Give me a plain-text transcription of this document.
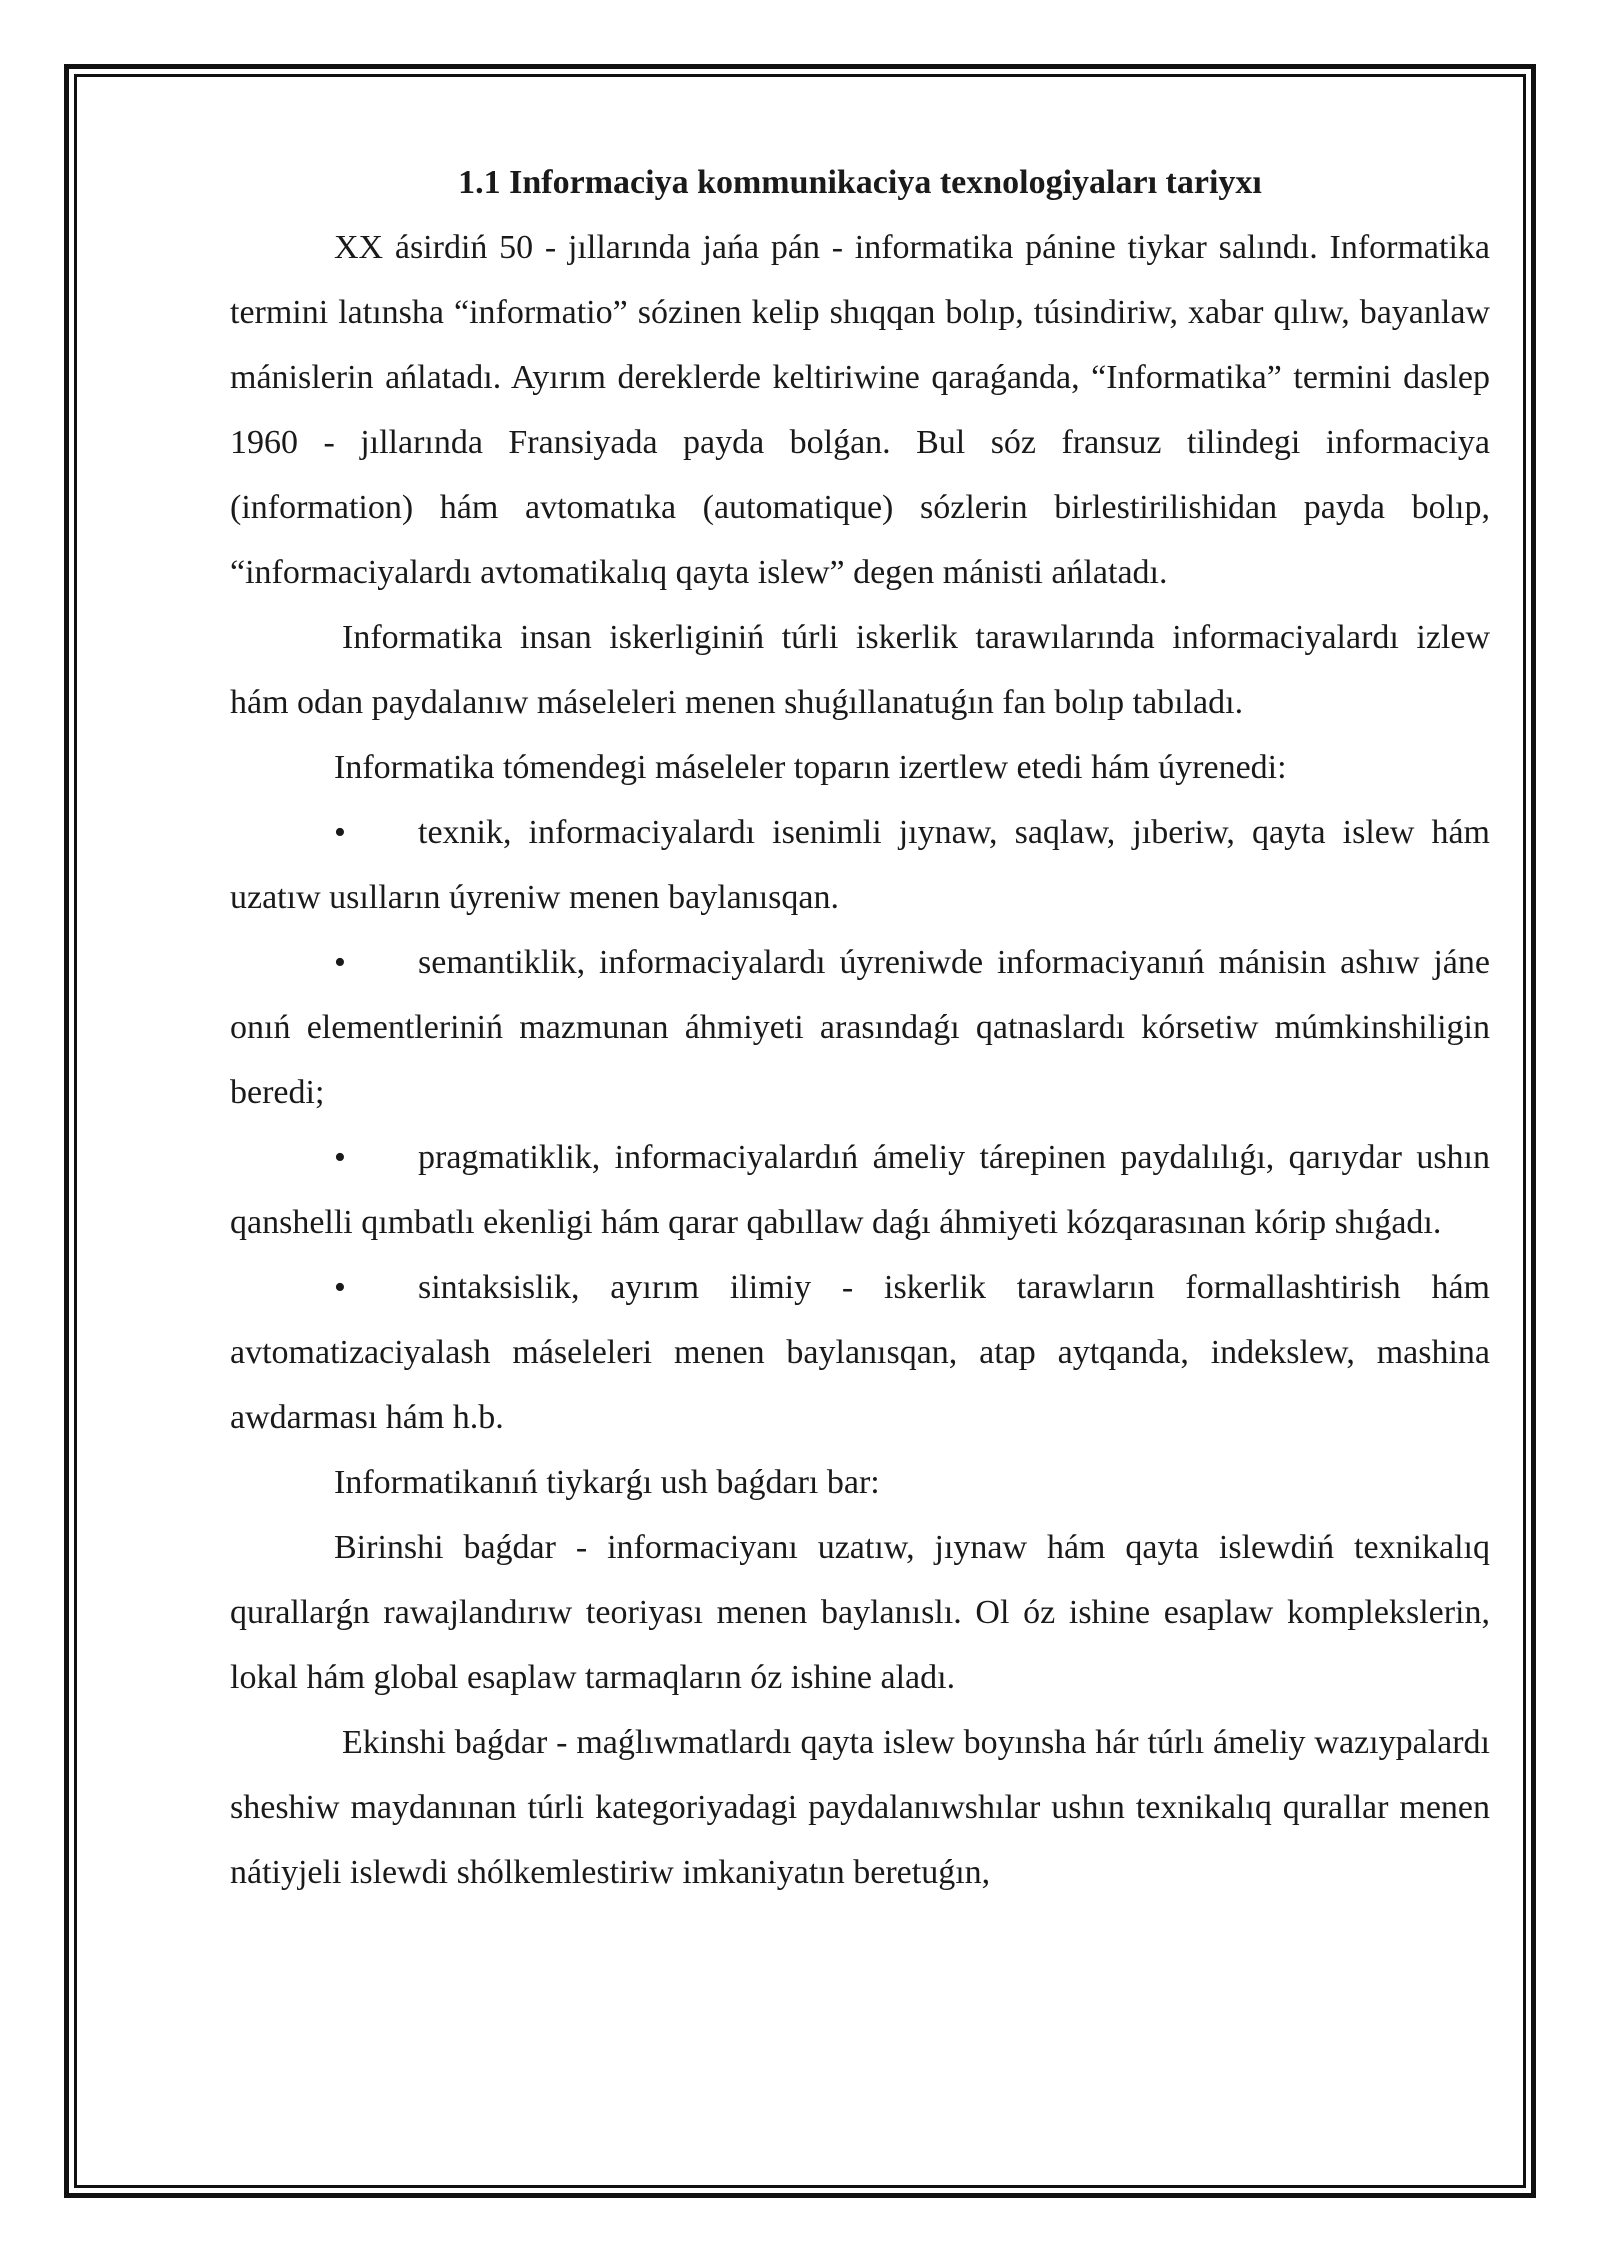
1.1 Informaciya kommunikaciya texnologiyaları tariyxı

XX ásirdiń 50 - jıllarında jańa pán - informatika pánine tiykar salındı. Informatika termini latınsha “informatio” sózinen kelip shıqqan bolıp, túsindiriw, xabar qılıw, bayanlaw mánislerin ańlatadı. Ayırım dereklerde keltiriwine qaraǵanda, “Informatika” termini daslep 1960 - jıllarında Fransiyada payda bolǵan. Bul sóz fransuz tilindegi informaciya (information) hám avtomatıka (automatique) sózlerin birlestirilishidan payda bolıp, “informaciyalardı avtomatikalıq qayta islew” degen mánisti ańlatadı.

Informatika insan iskerliginiń túrli iskerlik tarawılarında informaciyalardı izlew hám odan paydalanıw máseleleri menen shuǵıllanatuǵın fan bolıp tabıladı.

Informatika tómendegi máseleler toparın izertlew etedi hám úyrenedi:

• texnik, informaciyalardı isenimli jıynaw, saqlaw, jıberiw, qayta islew hám uzatıw usılların úyreniw menen baylanısqan.

• semantiklik, informaciyalardı úyreniwde informaciyanıń mánisin ashıw jáne onıń elementleriniń mazmunan áhmiyeti arasındaǵı qatnaslardı kórsetiw múmkinshiligin beredi;

• pragmatiklik, informaciyalardıń ámeliy tárepinen paydalılıǵı, qarıydar ushın qanshelli qımbatlı ekenligi hám qarar qabıllaw daǵı áhmiyeti kózqarasınan kórip shıǵadı.

• sintaksislik, ayırım ilimiy - iskerlik tarawların formallashtirish hám avtomatizaciyalash máseleleri menen baylanısqan, atap aytqanda, indekslew, mashina awdarması hám h.b.

Informatikanıń tiykarǵı ush baǵdarı bar:

Birinshi baǵdar - informaciyanı uzatıw, jıynaw hám qayta islewdiń texnikalıq qurallarǵn rawajlandırıw teoriyası menen baylanıslı. Ol óz ishine esaplaw komplekslerin, lokal hám global esaplaw tarmaqların óz ishine aladı.

Ekinshi baǵdar - maǵlıwmatlardı qayta islew boyınsha hár túrlı ámeliy wazıypalardı sheshiw maydanınan túrli kategoriyadagi paydalanıwshılar ushın texnikalıq qurallar menen nátiyjeli islewdi shólkemlestiriw imkaniyatın beretuǵın,
